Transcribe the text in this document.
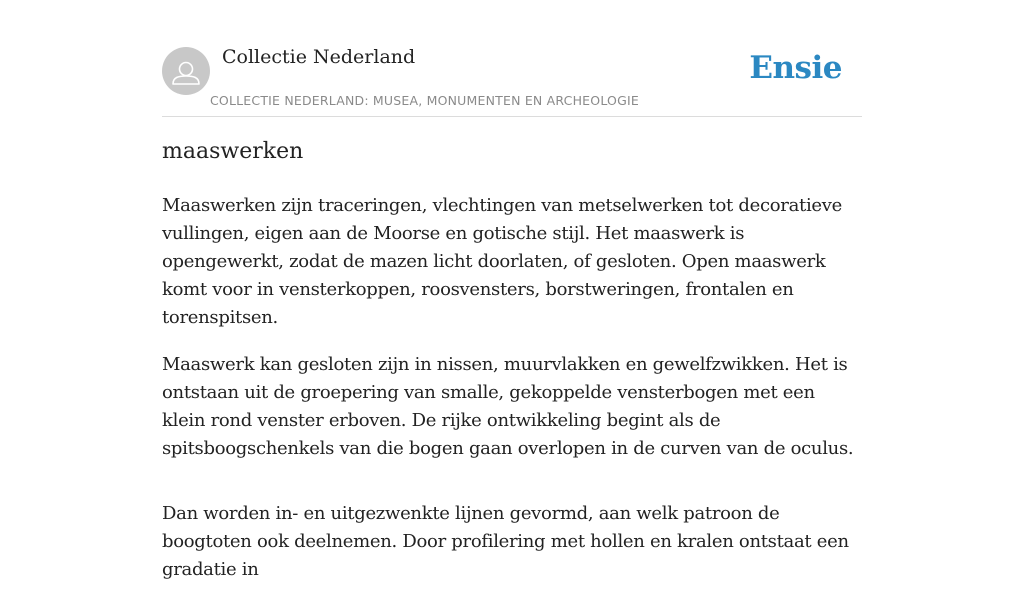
Collectie Nederland
COLLECTIE NEDERLAND: MUSEA, MONUMENTEN EN ARCHEOLOGIE
Ensie
maaswerken

Maaswerken zijn traceringen, vlechtingen van metselwerken tot decoratieve vullingen, eigen aan de Moorse en gotische stijl. Het maaswerk is opengewerkt, zodat de mazen licht doorlaten, of gesloten. Open maaswerk komt voor in vensterkoppen, roosvensters, borstweringen, frontalen en torenspitsen.

Maaswerk kan gesloten zijn in nissen, muurvlakken en gewelfzwikken. Het is ontstaan uit de groepering van smalle, gekoppelde vensterbogen met een klein rond venster erboven. De rijke ontwikkeling begint als de spitsboogschenkels van die bogen gaan overlopen in de curven van de oculus.

Dan worden in- en uitgezwenkte lijnen gevormd, aan welk patroon de boogtoten ook deelnemen. Door profilering met hollen en kralen ontstaat een gradatie in
